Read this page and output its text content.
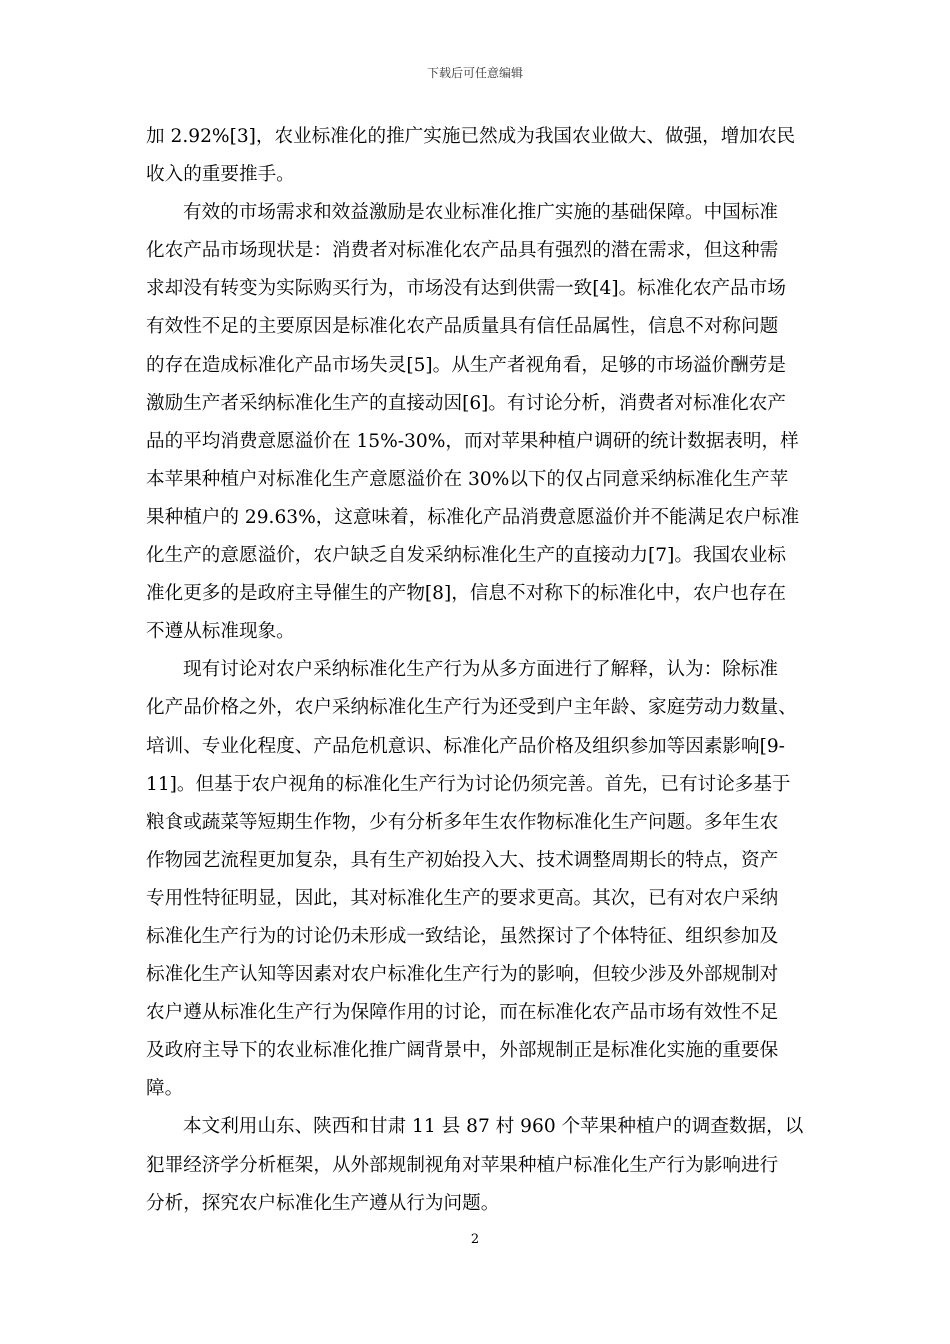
下载后可任意编辑
加 2.92%[3]，农业标准化的推广实施已然成为我国农业做大、做强，增加农民
收入的重要推手。
有效的市场需求和效益激励是农业标准化推广实施的基础保障。中国标准
化农产品市场现状是：消费者对标准化农产品具有强烈的潜在需求，但这种需
求却没有转变为实际购买行为，市场没有达到供需一致[4]。标准化农产品市场
有效性不足的主要原因是标准化农产品质量具有信任品属性，信息不对称问题
的存在造成标准化产品市场失灵[5]。从生产者视角看，足够的市场溢价酬劳是
激励生产者采纳标准化生产的直接动因[6]。有讨论分析，消费者对标准化农产
品的平均消费意愿溢价在 15%-30%，而对苹果种植户调研的统计数据表明，样
本苹果种植户对标准化生产意愿溢价在 30%以下的仅占同意采纳标准化生产苹
果种植户的 29.63%，这意味着，标准化产品消费意愿溢价并不能满足农户标准
化生产的意愿溢价，农户缺乏自发采纳标准化生产的直接动力[7]。我国农业标
准化更多的是政府主导催生的产物[8]，信息不对称下的标准化中，农户也存在
不遵从标准现象。
现有讨论对农户采纳标准化生产行为从多方面进行了解释，认为：除标准
化产品价格之外，农户采纳标准化生产行为还受到户主年龄、家庭劳动力数量、
培训、专业化程度、产品危机意识、标准化产品价格及组织参加等因素影响[9-
11]。但基于农户视角的标准化生产行为讨论仍须完善。首先，已有讨论多基于
粮食或蔬菜等短期生作物，少有分析多年生农作物标准化生产问题。多年生农
作物园艺流程更加复杂，具有生产初始投入大、技术调整周期长的特点，资产
专用性特征明显，因此，其对标准化生产的要求更高。其次，已有对农户采纳
标准化生产行为的讨论仍未形成一致结论，虽然探讨了个体特征、组织参加及
标准化生产认知等因素对农户标准化生产行为的影响，但较少涉及外部规制对
农户遵从标准化生产行为保障作用的讨论，而在标准化农产品市场有效性不足
及政府主导下的农业标准化推广阔背景中，外部规制正是标准化实施的重要保
障。
本文利用山东、陕西和甘肃 11 县 87 村 960 个苹果种植户的调查数据，以
犯罪经济学分析框架，从外部规制视角对苹果种植户标准化生产行为影响进行
分析，探究农户标准化生产遵从行为问题。
2
